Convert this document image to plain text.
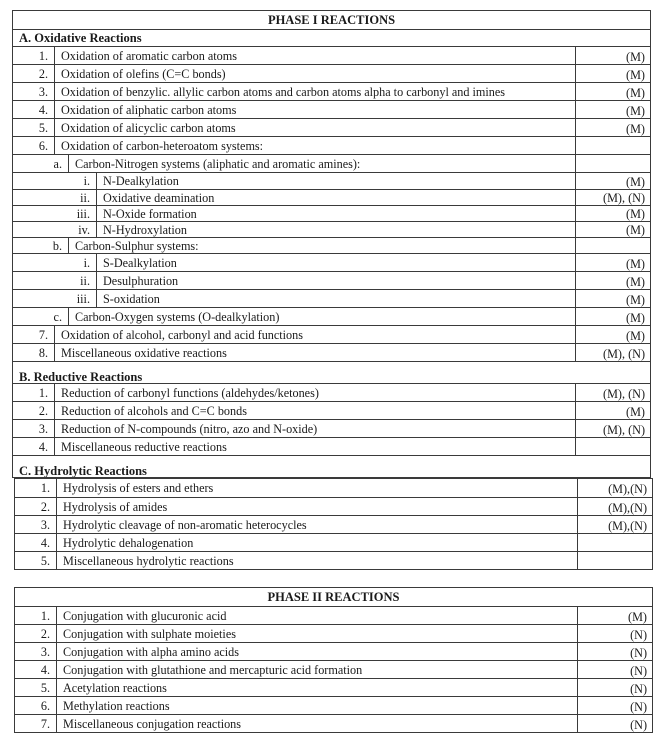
PHASE I REACTIONS
A. Oxidative Reactions
1.	Oxidation of aromatic carbon atoms	(M)
2.	Oxidation of olefins (C=C bonds)	(M)
3.	Oxidation of benzylic. allylic carbon atoms and carbon atoms alpha to carbonyl and imines	(M)
4.	Oxidation of aliphatic carbon atoms	(M)
5.	Oxidation of alicyclic carbon atoms	(M)
6.	Oxidation of carbon-heteroatom systems:
a.	Carbon-Nitrogen systems (aliphatic and aromatic amines):
i.	N-Dealkylation	(M)
ii.	Oxidative deamination	(M), (N)
iii.	N-Oxide formation	(M)
iv.	N-Hydroxylation	(M)
b.	Carbon-Sulphur systems:
i.	S-Dealkylation	(M)
ii.	Desulphuration	(M)
iii.	S-oxidation	(M)
c.	Carbon-Oxygen systems (O-dealkylation)	(M)
7.	Oxidation of alcohol, carbonyl and acid functions	(M)
8.	Miscellaneous oxidative reactions	(M), (N)
B. Reductive Reactions
1.	Reduction of carbonyl functions (aldehydes/ketones)	(M), (N)
2.	Reduction of alcohols and C=C bonds	(M)
3.	Reduction of N-compounds (nitro, azo and N-oxide)	(M), (N)
4.	Miscellaneous reductive reactions
C. Hydrolytic Reactions
1.	Hydrolysis of esters and ethers	(M),(N)
2.	Hydrolysis of amides	(M),(N)
3.	Hydrolytic cleavage of non-aromatic heterocycles	(M),(N)
4.	Hydrolytic dehalogenation
5.	Miscellaneous hydrolytic reactions
PHASE II REACTIONS
1.	Conjugation with glucuronic acid	(M)
2.	Conjugation with sulphate moieties	(N)
3.	Conjugation with alpha amino acids	(N)
4.	Conjugation with glutathione and mercapturic acid formation	(N)
5.	Acetylation reactions	(N)
6.	Methylation reactions	(N)
7.	Miscellaneous conjugation reactions	(N)
